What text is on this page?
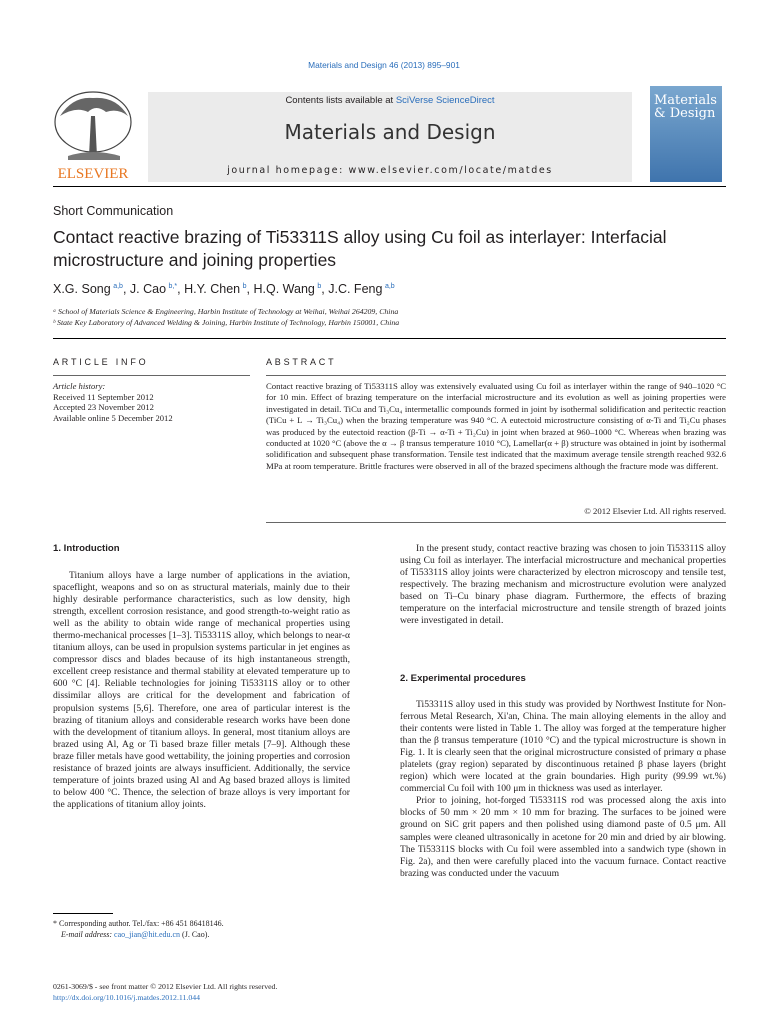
Materials and Design 46 (2013) 895–901
ELSEVIER
Contents lists available at SciVerse ScienceDirect
Materials and Design
journal homepage: www.elsevier.com/locate/matdes
Materials & Design
Short Communication
Contact reactive brazing of Ti53311S alloy using Cu foil as interlayer: Interfacial microstructure and joining properties
X.G. Song  $^{a,b}$, J. Cao  $^{b,*}$, H.Y. Chen  $^b$, H.Q. Wang  $^b$, J.C. Feng  $^{a,b}$
ᵃ School of Materials Science & Engineering, Harbin Institute of Technology at Weihai, Weihai 264209, China
ᵇ State Key Laboratory of Advanced Welding & Joining, Harbin Institute of Technology, Harbin 150001, China
ARTICLE INFO	ABSTRACT
Article history:
Received 11 September 2012
Accepted 23 November 2012
Available online 5 December 2012
Contact reactive brazing of Ti53311S alloy was extensively evaluated using Cu foil as interlayer within the range of 940–1020 °C for 10 min. Effect of brazing temperature on the interfacial microstructure and its evolution as well as joining properties were investigated in detail. TiCu and Ti₃Cu₄ intermetallic compounds formed in joint by isothermal solidification and peritectic reaction (TiCu + L → Ti₃Cu₄) when the brazing temperature was 940 °C. A eutectoid microstructure consisting of α-Ti and Ti₂Cu phases was produced by the eutectoid reaction (β-Ti → α-Ti + Ti₂Cu) in joint when brazed at 960–1000 °C. Whereas when brazing was conducted at 1020 °C (above the α → β transus temperature 1010 °C), Lamellar(α + β) structure was obtained in joint by isothermal solidification and subsequent phase transformation. Tensile test indicated that the maximum average tensile strength reached 932.6 MPa at room temperature. Brittle fractures were observed in all of the brazed specimens although the fracture mode was different.
© 2012 Elsevier Ltd. All rights reserved.
1. Introduction

Titanium alloys have a large number of applications in the aviation, spaceflight, weapons and so on as structural materials, mainly due to their highly desirable performance characteristics, such as low density, high strength, excellent corrosion resistance, and good strength-to-weight ratio as well as the ability to obtain wide range of mechanical properties using thermo-mechanical processes [1–3]. Ti53311S alloy, which belongs to near-α titanium alloys, can be used in propulsion systems particular in jet engines as compressor discs and blades because of its high instantaneous strength, excellent creep resistance and thermal stability at elevated temperature up to 600 °C [4]. Reliable technologies for joining Ti53311S alloy or to other dissimilar alloys are critical for the development and fabrication of propulsion systems [5,6]. Therefore, one area of particular interest is the brazing of titanium alloys and considerable research works have been done with the development of titanium alloys. In general, most titanium alloys are brazed using Al, Ag or Ti based braze filler metals [7–9]. Although these braze filler metals have good wettability, the joining properties and corrosion resistance of brazed joints are always insufficient. Additionally, the service temperature of joints brazed using Al and Ag based brazed alloys is limited to below 400 °C. Thence, the selection of braze alloys is very important for the applications of titanium alloy joints.

In the present study, contact reactive brazing was chosen to join Ti53311S alloy using Cu foil as interlayer. The interfacial microstructure and mechanical properties of Ti53311S alloy joints were characterized by electron microscopy and tensile test, respectively. The brazing mechanism and microstructure evolution were analyzed based on Ti–Cu binary phase diagram. Furthermore, the effects of brazing temperature on the interfacial microstructure and tensile strength of brazed joints were investigated in detail.

2. Experimental procedures

Ti53311S alloy used in this study was provided by Northwest Institute for Non-ferrous Metal Research, Xi'an, China. The main alloying elements in the alloy and their contents were listed in Table 1. The alloy was forged at the temperature higher than the β transus temperature (1010 °C) and the typical microstructure is shown in Fig. 1. It is clearly seen that the original microstructure consisted of primary α phase platelets (gray region) separated by discontinuous retained β phase layers (bright region) which were located at the grain boundaries. High purity (99.99 wt.%) commercial Cu foil with 100 μm in thickness was used as interlayer.

Prior to joining, hot-forged Ti53311S rod was processed along the axis into blocks of 50 mm × 20 mm × 10 mm for brazing. The surfaces to be joined were ground on SiC grit papers and then polished using diamond paste of 0.5 μm. All samples were cleaned ultrasonically in acetone for 20 min and dried by air blowing. The Ti53311S blocks with Cu foil were assembled into a sandwich type (shown in Fig. 2a), and then were carefully placed into the vacuum furnace. Contact reactive brazing was conducted under the vacuum

* Corresponding author. Tel./fax: +86 451 86418146.
E-mail address: cao_jian@hit.edu.cn (J. Cao).
0261-3069/$ - see front matter © 2012 Elsevier Ltd. All rights reserved.
http://dx.doi.org/10.1016/j.matdes.2012.11.044
